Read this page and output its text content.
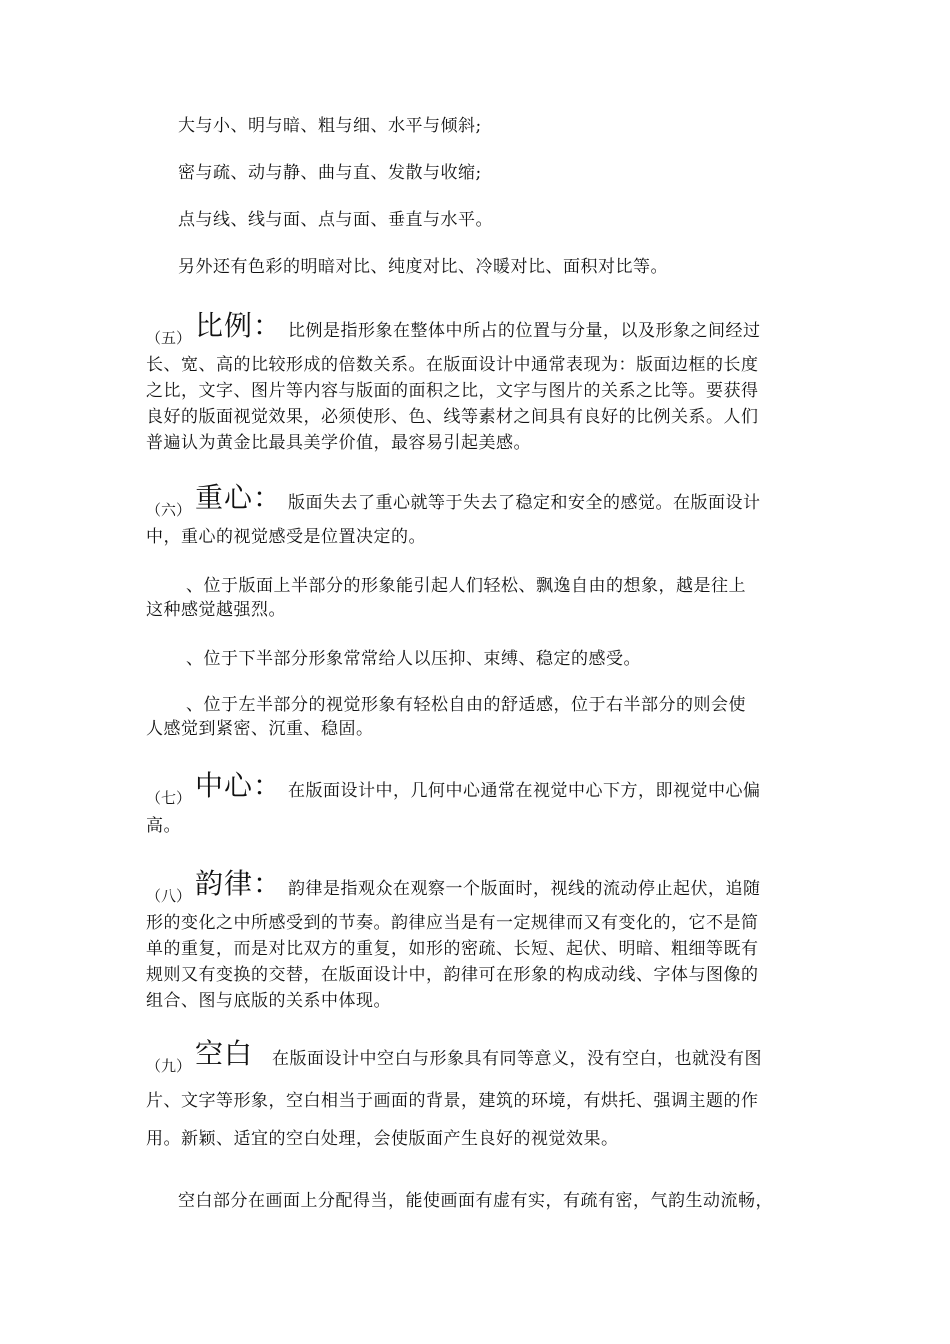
大与小、明与暗、粗与细、水平与倾斜;
密与疏、动与静、曲与直、发散与收缩;
点与线、线与面、点与面、垂直与水平。
另外还有色彩的明暗对比、纯度对比、冷暖对比、面积对比等。
（五） 比例： 比例是指形象在整体中所占的位置与分量，以及形象之间经过
长、宽、高的比较形成的倍数关系。在版面设计中通常表现为：版面边框的长度
之比，文字、图片等内容与版面的面积之比，文字与图片的关系之比等。要获得
良好的版面视觉效果，必须使形、色、线等素材之间具有良好的比例关系。人们
普遍认为黄金比最具美学价值，最容易引起美感。
（六） 重心： 版面失去了重心就等于失去了稳定和安全的感觉。在版面设计
中，重心的视觉感受是位置决定的。
、位于版面上半部分的形象能引起人们轻松、飘逸自由的想象，越是往上
这种感觉越强烈。
、位于下半部分形象常常给人以压抑、束缚、稳定的感受。
、位于左半部分的视觉形象有轻松自由的舒适感，位于右半部分的则会使
人感觉到紧密、沉重、稳固。
（七） 中心： 在版面设计中，几何中心通常在视觉中心下方，即视觉中心偏
高。
（八） 韵律： 韵律是指观众在观察一个版面时，视线的流动停止起伏，追随
形的变化之中所感受到的节奏。韵律应当是有一定规律而又有变化的，它不是简
单的重复，而是对比双方的重复，如形的密疏、长短、起伏、明暗、粗细等既有
规则又有变换的交替，在版面设计中，韵律可在形象的构成动线、字体与图像的
组合、图与底版的关系中体现。
（九） 空白 在版面设计中空白与形象具有同等意义，没有空白，也就没有图
片、文字等形象，空白相当于画面的背景，建筑的环境，有烘托、强调主题的作
用。新颖、适宜的空白处理，会使版面产生良好的视觉效果。
空白部分在画面上分配得当，能使画面有虚有实，有疏有密，气韵生动流畅，
